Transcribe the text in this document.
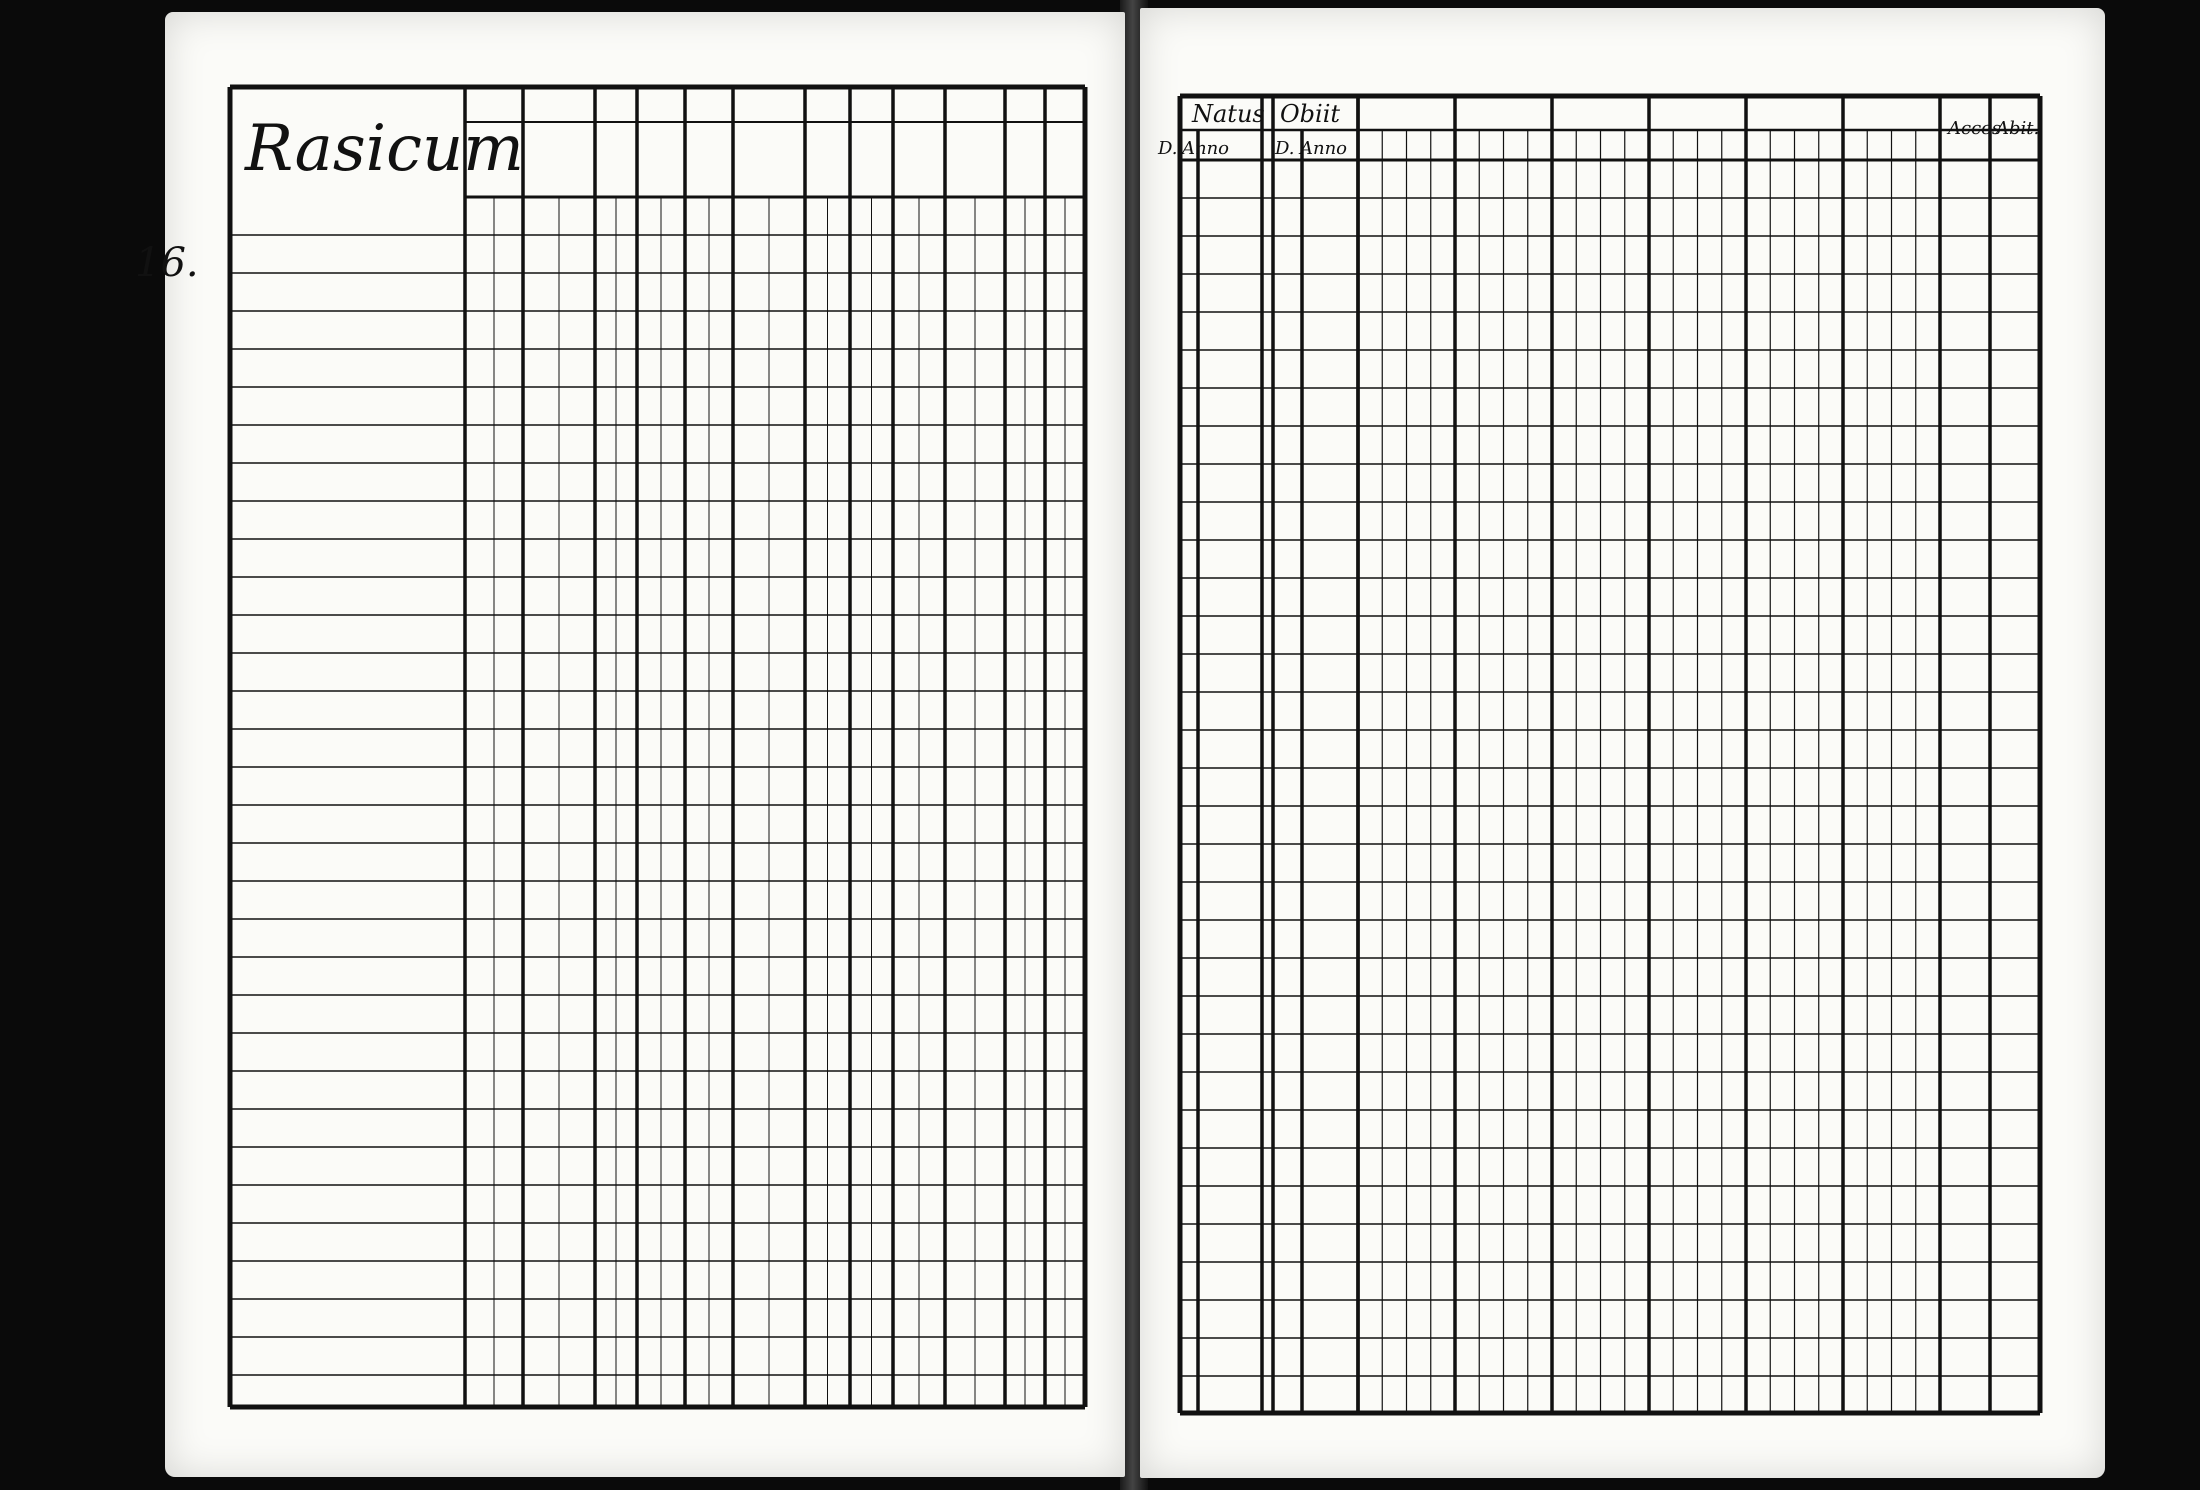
Rasicum
16.
Natus
D. Anno
Obiit
D. Anno
Acces
Abit.
